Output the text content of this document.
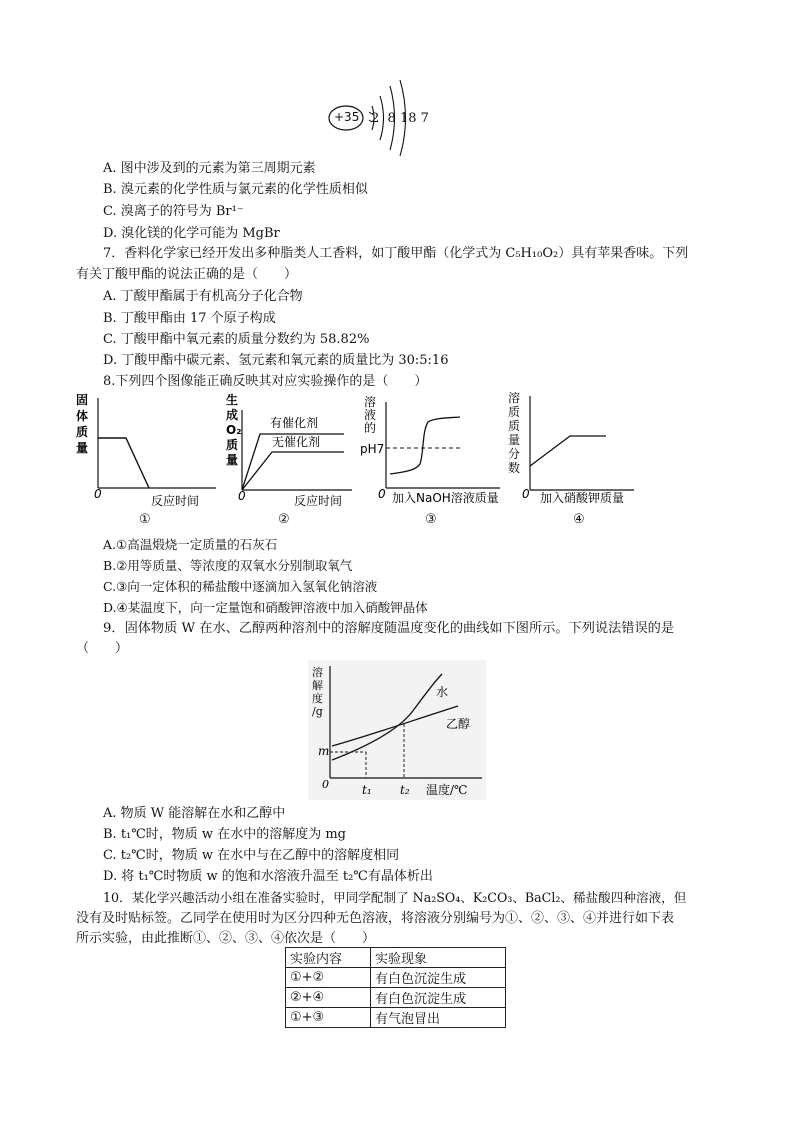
+35 2  8 18 7
A. 图中涉及到的元素为第三周期元素
B. 溴元素的化学性质与氯元素的化学性质相似
C. 溴离子的符号为 Br¹⁻
D. 溴化镁的化学可能为 MgBr
7．香料化学家已经开发出多种脂类人工香料，如丁酸甲酯（化学式为 C₅H₁₀O₂）具有苹果香味。下列
有关丁酸甲酯的说法正确的是（　　）
A. 丁酸甲酯属于有机高分子化合物
B. 丁酸甲酯由 17 个原子构成
C. 丁酸甲酯中氧元素的质量分数约为 58.82%
D. 丁酸甲酯中碳元素、氢元素和氧元素的质量比为 30:5:16
8.下列四个图像能正确反映其对应实验操作的是（　　）
固
体
质
量
0	反应时间
①
生
成
O₂
质
量
有催化剂
无催化剂
0	反应时间
②
溶
液
的
pH7
0 加入NaOH溶液质量
③
溶
质
质
量
分
数
0 加入硝酸钾质量
④
A.①高温煅烧一定质量的石灰石
B.②用等质量、等浓度的双氧水分别制取氧气
C.③向一定体积的稀盐酸中逐滴加入氢氧化钠溶液
D.④某温度下，向一定量饱和硝酸钾溶液中加入硝酸钾晶体
9．固体物质 W 在水、乙醇两种溶剂中的溶解度随温度变化的曲线如下图所示。下列说法错误的是
（　　）
溶
解
度
/g
水
乙醇
m
0	t₁ t₂ 温度/℃
A. 物质 W 能溶解在水和乙醇中
B. t₁℃时，物质 w 在水中的溶解度为 mg
C. t₂℃时，物质 w 在水中与在乙醇中的溶解度相同
D. 将 t₁℃时物质 w 的饱和水溶液升温至 t₂℃有晶体析出
10．某化学兴趣活动小组在准备实验时，甲同学配制了 Na₂SO₄、K₂CO₃、BaCl₂、稀盐酸四种溶液，但
没有及时贴标签。乙同学在使用时为区分四种无色溶液，将溶液分别编号为①、②、③、④并进行如下表
所示实验，由此推断①、②、③、④依次是（　　）
实验内容	实验现象
①+②	有白色沉淀生成
②+④	有白色沉淀生成
①+③	有气泡冒出
